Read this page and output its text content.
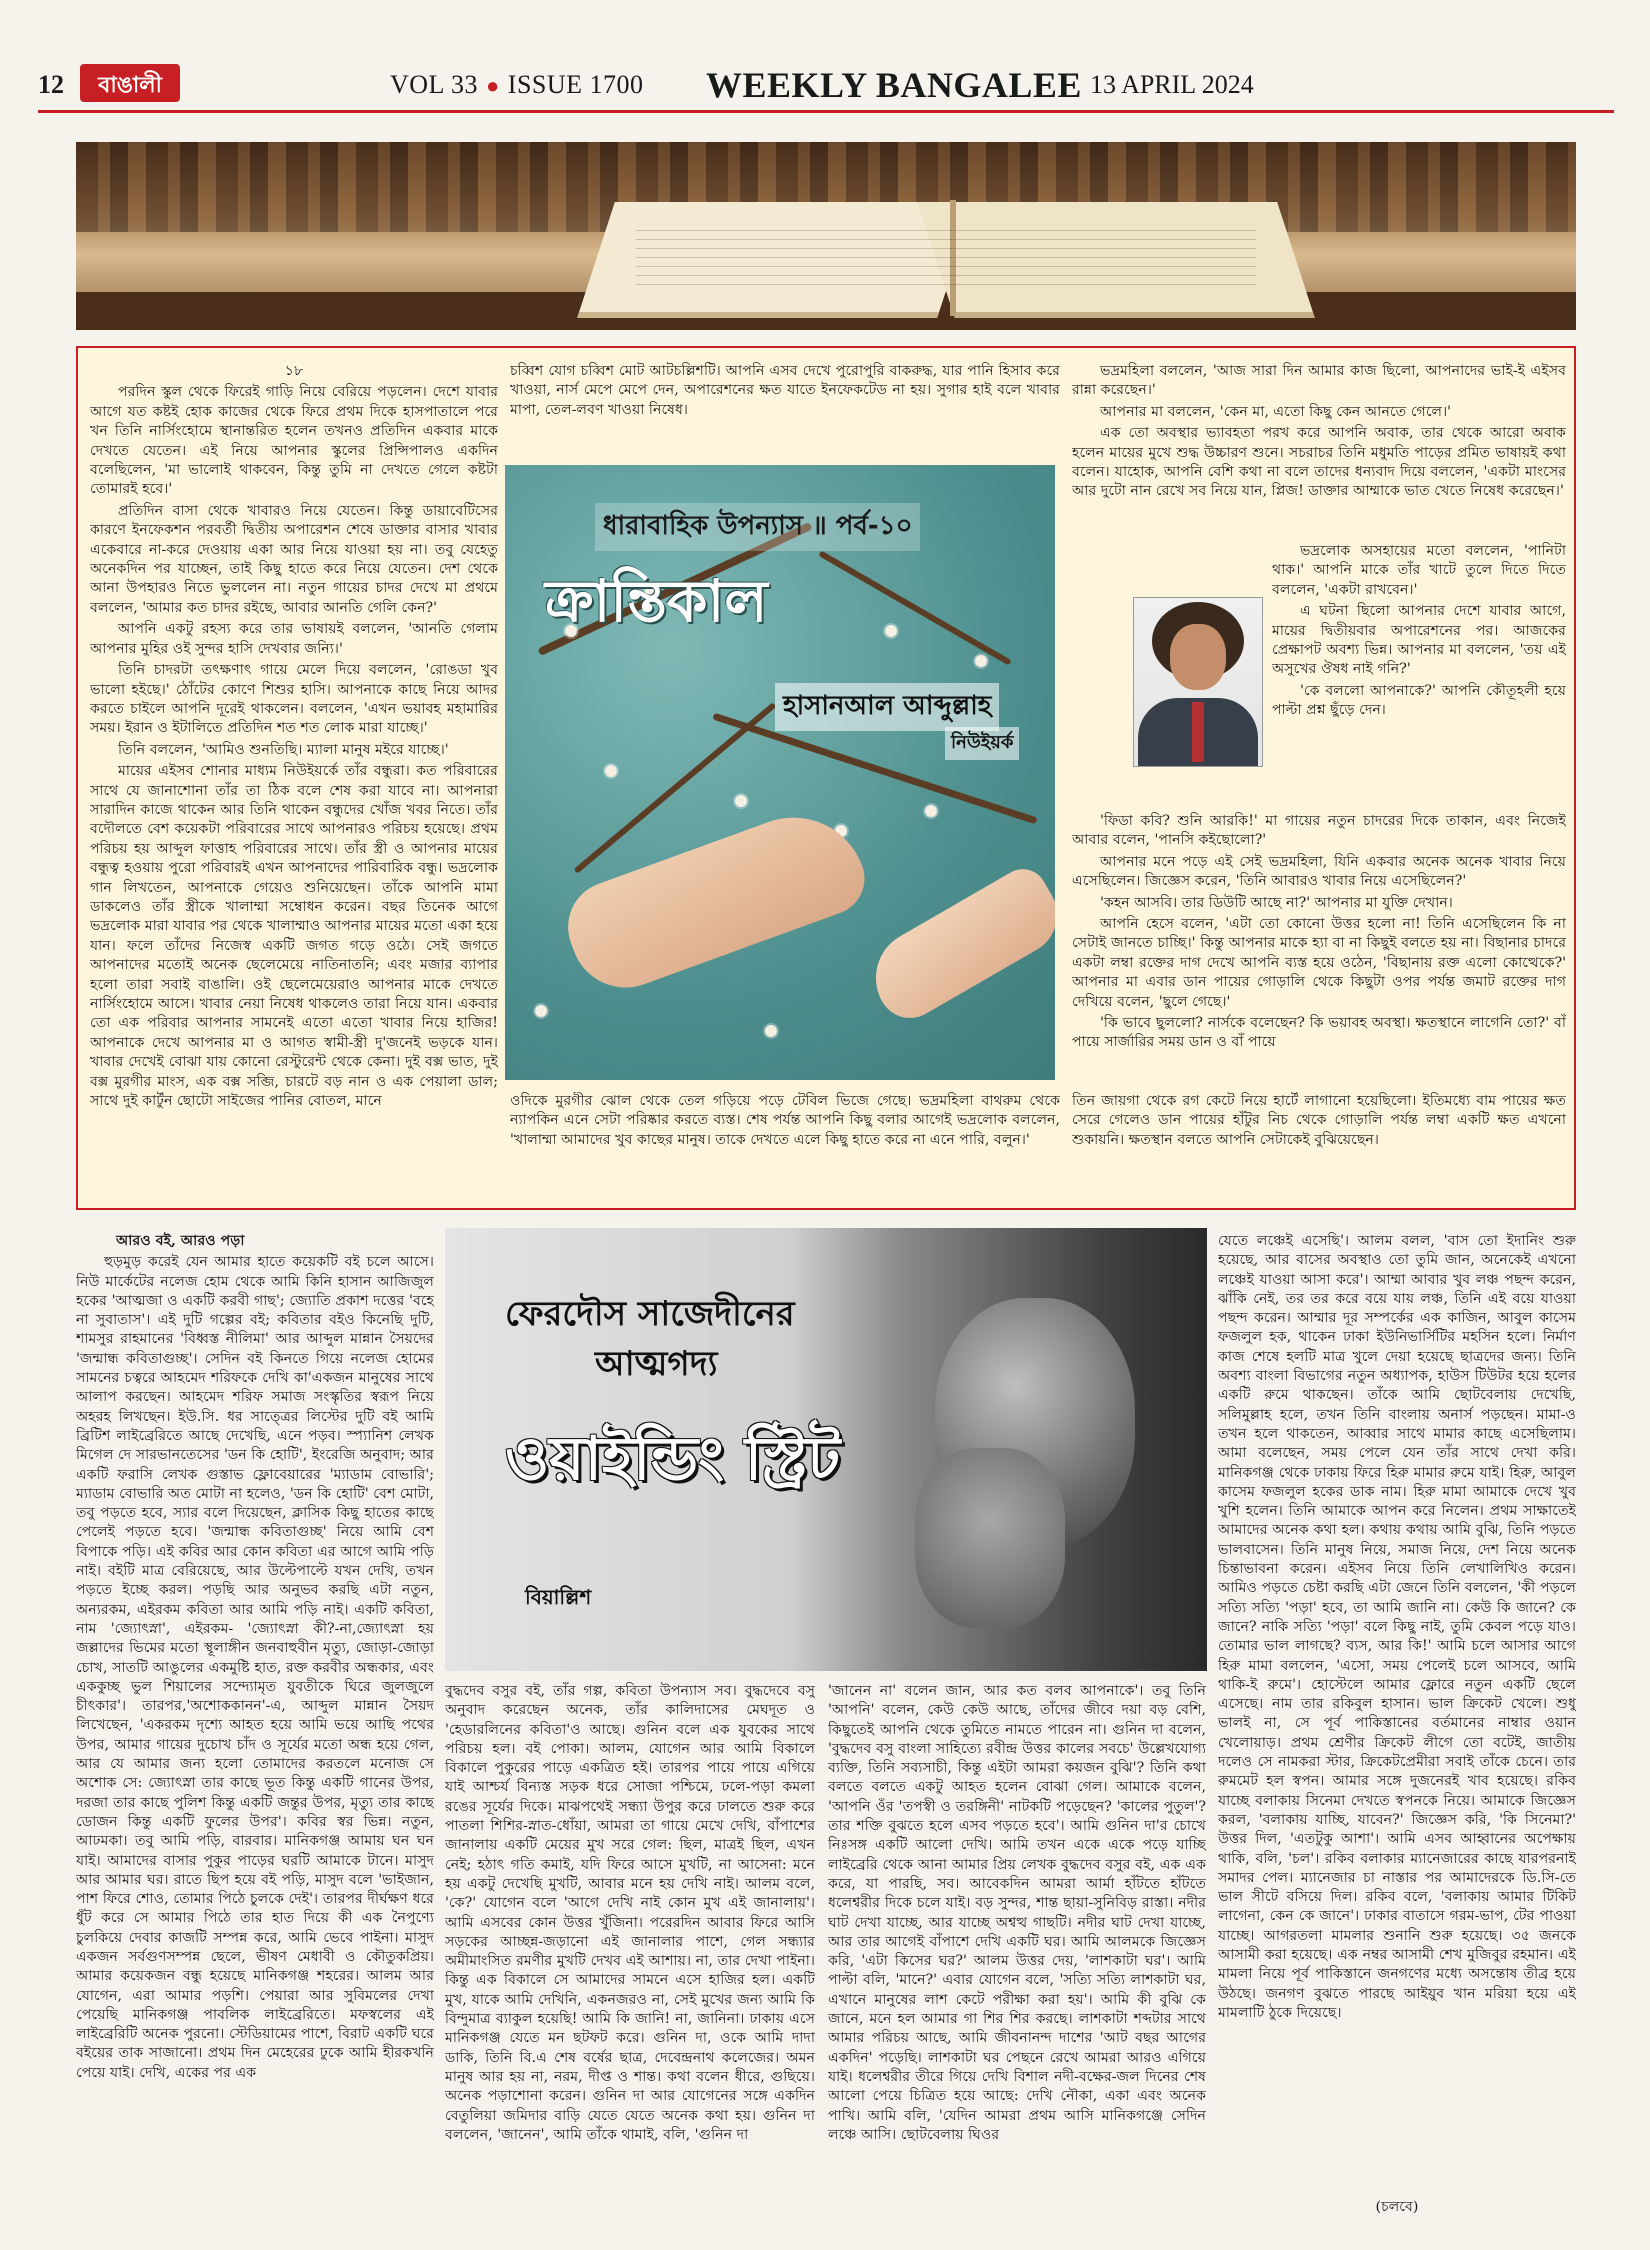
12 বাঙালী	VOL 33 ● ISSUE 1700 WEEKLY BANGALEE 13 APRIL 2024

১৮

পরদিন স্কুল থেকে ফিরেই গাড়ি নিয়ে বেরিয়ে পড়লেন। দেশে যাবার আগে যত কষ্টই হোক কাজের থেকে ফিরে প্রথম দিকে হাসপাতালে পরে খন তিনি নার্সিংহোমে স্থানান্তরিত হলেন তখনও প্রতিদিন একবার মাকে দেখতে যেতেন। এই নিয়ে আপনার স্কুলের প্রিন্সিপালও একদিন বলেছিলেন, 'মা ভালোই থাকবেন, কিন্তু তুমি না দেখতে গেলে কষ্টটা তোমারই হবে।'

প্রতিদিন বাসা থেকে খাবারও নিয়ে যেতেন। কিন্তু ডায়াবেটিসের কারণে ইনফেকশন পরবর্তী দ্বিতীয় অপারেশন শেষে ডাক্তার বাসার খাবার একেবারে না-করে দেওয়ায় একা আর নিয়ে যাওয়া হয় না। তবু যেহেতু অনেকদিন পর যাচ্ছেন, তাই কিছু হাতে করে নিয়ে যেতেন। দেশ থেকে আনা উপহারও নিতে ভুললেন না। নতুন গায়ের চাদর দেখে মা প্রথমে বললেন, 'আমার কত চাদর রইছে, আবার আনতি গেলি কেন?'

আপনি একটু রহস্য করে তার ভাষায়ই বললেন, 'আনতি গেলাম আপনার মুহির ওই সুন্দর হাসি দেখবার জন্যি।'

তিনি চাদরটা তৎক্ষণাৎ গায়ে মেলে দিয়ে বললেন, 'রোঙডা খুব ভালো হইছে।' ঠোঁটের কোণে শিশুর হাসি। আপনাকে কাছে নিয়ে আদর করতে চাইলে আপনি দূরেই থাকলেন। বললেন, 'এখন ভয়াবহ মহামারির সময়। ইরান ও ইটালিতে প্রতিদিন শত শত লোক মারা যাচ্ছে।'

তিনি বললেন, 'আমিও শুনতিছি। ম্যালা মানুষ মইরে যাচ্ছে।'

মায়ের এইসব শোনার মাধ্যম নিউইয়র্কে তাঁর বন্ধুরা। কত পরিবারের সাথে যে জানাশোনা তাঁর তা ঠিক বলে শেষ করা যাবে না। আপনারা সারাদিন কাজে থাকেন আর তিনি থাকেন বন্ধুদের খোঁজ খবর নিতে। তাঁর বদৌলতে বেশ কয়েকটা পরিবারের সাথে আপনারও পরিচয় হয়েছে। প্রথম পরিচয় হয় আব্দুল ফাত্তাহ পরিবারের সাথে। তাঁর স্ত্রী ও আপনার মায়ের বন্ধুত্ব হওয়ায় পুরো পরিবারই এখন আপনাদের পারিবারিক বন্ধু। ভদ্রলোক গান লিখতেন, আপনাকে গেয়েও শুনিয়েছেন। তাঁকে আপনি মামা ডাকলেও তাঁর স্ত্রীকে খালাম্মা সম্বোধন করেন। বছর তিনেক আগে ভদ্রলোক মারা যাবার পর থেকে খালাম্মাও আপনার মায়ের মতো একা হয়ে যান। ফলে তাঁদের নিজেস্ব একটি জগত গড়ে ওঠে। সেই জগতে আপনাদের মতোই অনেক ছেলেমেয়ে নাতিনাতনি; এবং মজার ব্যাপার হলো তারা সবাই বাঙালি। ওই ছেলেমেয়েরাও আপনার মাকে দেখতে নার্সিংহোমে আসে। খাবার নেয়া নিষেধ থাকলেও তারা নিয়ে যান। একবার তো এক পরিবার আপনার সামনেই এতো এতো খাবার নিয়ে হাজির! আপনাকে দেখে আপনার মা ও আগত স্বামী-স্ত্রী দু'জনেই ভড়কে যান। খাবার দেখেই বোঝা যায় কোনো রেস্টুরেন্ট থেকে কেনা। দুই বক্স ভাত, দুই বক্স মুরগীর মাংস, এক বক্স সব্জি, চারটে বড় নান ও এক পেয়ালা ডাল; সাথে দুই কার্টুন ছোটো সাইজের পানির বোতল, মানে

চব্বিশ যোগ চব্বিশ মোট আটচল্লিশটি। আপনি এসব দেখে পুরোপুরি বাকরুদ্ধ, যার পানি হিসাব করে খাওয়া, নার্স মেপে মেপে দেন, অপারেশনের ক্ষত যাতে ইনফেকটেড না হয়। সুগার হাই বলে খাবার মাপা, তেল-লবণ খাওয়া নিষেধ।

ওদিকে মুরগীর ঝোল থেকে তেল গড়িয়ে পড়ে টেবিল ভিজে গেছে। ভদ্রমহিলা বাথরুম থেকে ন্যাপকিন এনে সেটা পরিষ্কার করতে ব্যস্ত। শেষ পর্যন্ত আপনি কিছু বলার আগেই ভদ্রলোক বললেন, 'খালাম্মা আমাদের খুব কাছের মানুষ। তাকে দেখতে এলে কিছু হাতে করে না এনে পারি, বলুন।'

ভদ্রমহিলা বললেন, 'আজ সারা দিন আমার কাজ ছিলো, আপনাদের ভাই-ই এইসব রান্না করেছেন।'

আপনার মা বললেন, 'কেন মা, এতো কিছু কেন আনতে গেলে।'

এক তো অবস্থার ভ্যাবহতা পরখ করে আপনি অবাক, তার থেকে আরো অবাক হলেন মায়ের মুখে শুদ্ধ উচ্চারণ শুনে। সচরাচর তিনি মধুমতি পাড়ের প্রমিত ভাষায়ই কথা বলেন। যাহোক, আপনি বেশি কথা না বলে তাদের ধন্যবাদ দিয়ে বললেন, 'একটা মাংসের আর দুটো নান রেখে সব নিয়ে যান, প্লিজ! ডাক্তার আম্মাকে ভাত খেতে নিষেধ করেছেন।'

ভদ্রলোক অসহায়ের মতো বললেন, 'পানিটা থাক।' আপনি মাকে তাঁর খাটে তুলে দিতে দিতে বললেন, 'একটা রাখবেন।'

এ ঘটনা ছিলো আপনার দেশে যাবার আগে, মায়ের দ্বিতীয়বার অপারেশনের পর। আজকের প্রেক্ষাপট অবশ্য ভিন্ন। আপনার মা বললেন, 'তয় এই অসুখের ঔষধ নাই গনি?'

'কে বললো আপনাকে?' আপনি কৌতূহলী হয়ে পাল্টা প্রশ্ন ছুঁড়ে দেন।

'ফিডা কবি? শুনি আরকি!' মা গায়ের নতুন চাদরের দিকে তাকান, এবং নিজেই আবার বলেন, 'পানসি কইছোলো?'

আপনার মনে পড়ে এই সেই ভদ্রমহিলা, যিনি একবার অনেক অনেক খাবার নিয়ে এসেছিলেন। জিজ্ঞেস করেন, 'তিনি আবারও খাবার নিয়ে এসেছিলেন?'

'কহন আসবি। তার ডিউটি আছে না?' আপনার মা যুক্তি দেখান।

আপনি হেসে বলেন, 'এটা তো কোনো উত্তর হলো না! তিনি এসেছিলেন কি না সেটাই জানতে চাচ্ছি।' কিন্তু আপনার মাকে হ্যা বা না কিছুই বলতে হয় না। বিছানার চাদরে একটা লম্বা রক্তের দাগ দেখে আপনি ব্যস্ত হয়ে ওঠেন, 'বিছানায় রক্ত এলো কোত্থেকে?' আপনার মা এবার ডান পায়ের গোড়ালি থেকে কিছুটা ওপর পর্যন্ত জমাট রক্তের দাগ দেখিয়ে বলেন, 'ছুলে গেছে।'

'কি ভাবে ছুললো? নার্সকে বলেছেন? কি ভয়াবহ অবস্থা। ক্ষতস্থানে লাগেনি তো?' বাঁ পায়ে সার্জারির সময় ডান ও বাঁ পায়ে

তিন জায়গা থেকে রগ কেটে নিয়ে হার্টে লাগানো হয়েছিলো। ইতিমধ্যে বাম পায়ের ক্ষত সেরে গেলেও ডান পায়ের হাঁটুর নিচ থেকে গোড়ালি পর্যন্ত লম্বা একটি ক্ষত এখনো শুকায়নি। ক্ষতস্থান বলতে আপনি সেটাকেই বুঝিয়েছেন।

ধারাবাহিক উপন্যাস ॥ পর্ব-১০
ক্রান্তিকাল
হাসানআল আব্দুল্লাহ
নিউইয়র্ক

আরও বই, আরও পড়া

হুড়মুড় করেই যেন আমার হাতে কয়েকটি বই চলে আসে। নিউ মার্কেটের নলেজ হোম থেকে আমি কিনি হাসান আজিজুল হকের 'আত্মজা ও একটি করবী গাছ'; জ্যোতি প্রকাশ দত্তের 'বহে না সুবাতাস'। এই দুটি গল্পের বই; কবিতার বইও কিনেছি দুটি, শামসুর রাহমানের 'বিধ্বস্ত নীলিমা' আর আব্দুল মান্নান সৈয়দের 'জন্মান্ধ কবিতাগুচ্ছ'। সেদিন বই কিনতে গিয়ে নলেজ হোমের সামনের চত্বরে আহমেদ শরিফকে দেখি কা'একজন মানুষের সাথে আলাপ করছেন। আহমেদ শরিফ সমাজ সংস্কৃতির স্বরূপ নিয়ে অহরহ লিখছেন। ইউ.সি. ধর সাত্ত্রের লিস্টের দুটি বই আমি ব্রিটিশ লাইব্রেরিতে আছে দেখেছি, এনে পড়ব। স্প্যানিশ লেখক মিগেল দে সারভানতেসের 'ডন কি হোটি', ইংরেজি অনুবাদ; আর একটি ফরাসি লেখক গুস্তাভ ফ্লোবেয়ারের 'ম্যাডাম বোভারি'; ম্যাডাম বোভারি অত মোটা না হলেও, 'ডন কি হোটি' বেশ মোটা, তবু পড়তে হবে, স্যার বলে দিয়েছেন, ক্লাসিক কিছু হাতের কাছে পেলেই পড়তে হবে। 'জন্মান্ধ কবিতাগুচ্ছ' নিয়ে আমি বেশ বিপাকে পড়ি। এই কবির আর কোন কবিতা এর আগে আমি পড়ি নাই। বইটি মাত্র বেরিয়েছে, আর উল্টেপাল্টে যখন দেখি, তখন পড়তে ইচ্ছে করল। পড়ছি আর অনুভব করছি এটা নতুন, অন্যরকম, এইরকম কবিতা আর আমি পড়ি নাই। একটি কবিতা, নাম 'জ্যোৎস্না', এইরকম- 'জ্যোৎস্না কী?-না,জ্যোৎস্না হয় জল্লাদের ভিমের মতো স্থূলাঙ্গীন জনবাহুবীন মৃত্যু, জোড়া-জোড়া চোখ, সাতটি আঙুলের একমুষ্টি হাত, রক্ত করবীর অন্ধকার, এবং এককুচ্ছ ভুল শিয়ালের সন্দ্যোমৃত যুবতীকে ঘিরে জুলজুলে চীৎকার'। তারপর,'অশোককানন'-এ, আব্দুল মান্নান সৈয়দ লিখেছেন, 'একরকম দৃশ্যে আহত হয়ে আমি ভয়ে আছি পথের উপর, আমার গায়ের দুচোখ চাঁদ ও সূর্যের মতো অন্ধ হয়ে গেল, আর যে আমার জন্য হলো তোমাদের করতলে মনোজ সে অশোক সে: জ্যোৎস্না তার কাছে ভূত কিন্তু একটি গানের উপর, দরজা তার কাছে পুলিশ কিন্তু একটি জন্তুর উপর, মৃত্যু তার কাছে ডোজন কিন্তু একটি ফুলের উপর'। কবির স্বর ভিন্ন। নতুন, আঢমকা। তবু আমি পড়ি, বারবার। মানিকগঞ্জ আমায় ঘন ঘন যাই। আমাদের বাসার পুকুর পাড়ের ঘরটি আমাকে টানে। মাসুদ আর আমার ঘর। রাতে ছিপ হয়ে বই পড়ি, মাসুদ বলে 'ভাইজান, পাশ ফিরে শোও, তোমার পিঠে চুলকে দেই'। তারপর দীর্ঘক্ষণ ধরে ধুঁট করে সে আমার পিঠে তার হাত দিয়ে কী এক নৈপুণ্যে চুলকিয়ে দেবার কাজটি সম্পন্ন করে, আমি ভেবে পাইনা। মাসুদ একজন সর্বগুণসম্পন্ন ছেলে, ভীষণ মেধাবী ও কৌতুকপ্রিয়। আমার কয়েকজন বন্ধু হয়েছে মানিকগঞ্জ শহরের। আলম আর যোগেন, এরা আমার পড়শি। পেয়ারা আর সুবিমলের দেখা পেয়েছি মানিকগঞ্জ পাবলিক লাইব্রেরিতে। মফস্বলের এই লাইব্রেরিটি অনেক পুরনো। স্টেডিয়ামের পাশে, বিরাট একটি ঘরে বইয়ের তাক সাজানো। প্রথম দিন মেহেরের ঢুকে আমি হীরকখনি পেয়ে যাই। দেখি, একের পর এক

ফেরদৌস সাজেদীনের
আত্মগদ্য
ওয়াইন্ডিং স্ট্রিট
বিয়াল্লিশ

বুদ্ধদেব বসুর বই, তাঁর গল্প, কবিতা উপন্যাস সব। বুদ্ধদেবে বসু অনুবাদ করেছেন অনেক, তাঁর কালিদাসের মেঘদূত ও 'হেডারলিনের কবিতা'ও আছে। গুনিন বলে এক যুবকের সাথে পরিচয় হল। বই পোকা। আলম, যোগেন আর আমি বিকালে বিকালে পুকুরের পাড়ে একত্রিত হই। তারপর পায়ে পায়ে এগিয়ে যাই আশ্চর্য বিন্যস্ত সড়ক ধরে সোজা পশ্চিমে, ঢলে-পড়া কমলা রঙের সূর্যের দিকে। মাঝপথেই সন্ধ্যা উপুর করে ঢালতে শুরু করে পাতলা শিশির-স্নাত-ধোঁয়া, আমরা তা গায়ে মেখে দেখি, বাঁপাশের জানালায় একটি মেয়ের মুখ সরে গেল: ছিল, মাত্রই ছিল, এখন নেই; হঠাৎ গতি কমাই, যদি ফিরে আসে মুখটি, না আসেনা: মনে হয় একটু দেখেছি মুখটি, আবার মনে হয় দেখি নাই। আলম বলে, 'কে?' যোগেন বলে 'আগে দেখি নাই কোন মুখ এই জানালায়'। আমি এসবের কোন উত্তর খুঁজিনা। পরেরদিন আবার ফিরে আসি সড়কের আচ্ছন্ন-জড়ানো এই জানালার পাশে, গেল সন্ধ্যার অমীমাংসিত রমণীর মুখটি দেখব এই আশায়। না, তার দেখা পাইনা। কিন্তু এক বিকালে সে আমাদের সামনে এসে হাজির হল। একটি মুখ, যাকে আমি দেখিনি, একনজরও না, সেই মুখের জন্য আমি কি বিন্দুমাত্র ব্যাকুল হয়েছি! আমি কি জানি! না, জানিনা। ঢাকায় এসে মানিকগঞ্জ যেতে মন ছটফট করে। গুনিন দা, ওকে আমি দাদা ডাকি, তিনি বি.এ শেষ বর্ষের ছাত্র, দেবেন্দ্রনাথ কলেজের। অমন মানুষ আর হয় না, নরম, দীপ্ত ও শান্ত। কথা বলেন ধীরে, গুছিয়ে। অনেক পড়াশোনা করেন। গুনিন দা আর যোগেনের সঙ্গে একদিন বেতুলিয়া জমিদার বাড়ি যেতে যেতে অনেক কথা হয়। গুনিন দা বললেন, 'জানেন', আমি তাঁকে থামাই, বলি, 'গুনিন দা

'জানেন না' বলেন জান, আর কত বলব আপনাকে'। তবু তিনি 'আপনি' বলেন, কেউ কেউ আছে, তাঁদের জীবে দয়া বড় বেশি, কিছুতেই আপনি থেকে তুমিতে নামতে পারেন না। গুনিন দা বলেন, 'বুদ্ধদেব বসু বাংলা সাহিত্যে রবীন্দ্র উত্তর কালের সবচে' উল্লেখযোগ্য ব্যক্তি, তিনি সব্যসাচী, কিন্তু এইটা আমরা কয়জন বুঝি'? তিনি কথা বলতে বলতে একটু আহত হলেন বোঝা গেল। আমাকে বলেন, 'আপনি ওঁর 'তপস্বী ও তরঙ্গিনী' নাটকটি পড়েছেন? 'কালের পুতুল'? তার শক্তি বুঝতে হলে এসব পড়তে হবে'। আমি গুনিন দা'র চোখে নিঃসঙ্গ একটি আলো দেখি। আমি তখন একে একে পড়ে যাচ্ছি লাইব্রেরি থেকে আনা আমার প্রিয় লেখক বুদ্ধদেব বসুর বই, এক এক করে, যা পারছি, সব। আবেকদিন আমরা আর্মা হাঁটতে হাঁটতে ধলেশ্বরীর দিকে চলে যাই। বড় সুন্দর, শান্ত ছায়া-সুনিবিড় রাস্তা। নদীর ঘাট দেখা যাচ্ছে, আর যাচ্ছে অশ্বত্থ গাছটি। নদীর ঘাট দেখা যাচ্ছে, আর তার আগেই বাঁপাশে দেখি একটি ঘর। আমি আলমকে জিজ্ঞেস করি, 'এটা কিসের ঘর?' আলম উত্তর দেয়, 'লাশকাটা ঘর'। আমি পাল্টা বলি, 'মানে?' এবার যোগেন বলে, 'সত্যি সত্যি লাশকাটা ঘর, এখানে মানুষের লাশ কেটে পরীক্ষা করা হয়'। আমি কী বুঝি কে জানে, মনে হল আমার গা শির শির করছে। লাশকাটা শব্দটার সাথে আমার পরিচয় আছে, আমি জীবনানন্দ দাশের 'আট বছর আগের একদিন' পড়েছি। লাশকাটা ঘর পেছনে রেখে আমরা আরও এগিয়ে যাই। ধলেশ্বরীর তীরে গিয়ে দেখি বিশাল নদী-বক্ষের-জল দিনের শেষ আলো পেয়ে চিত্রিত হয়ে আছে: দেখি নৌকা, একা এবং অনেক পাখি। আমি বলি, 'যেদিন আমরা প্রথম আসি মানিকগঞ্জে সেদিন লঞ্চে আসি। ছোটবেলায় ঘিওর

যেতে লঞ্চেই এসেছি'। আলম বলল, 'বাস তো ইদানিং শুরু হয়েছে, আর বাসের অবস্থাও তো তুমি জান, অনেকেই এখনো লঞ্চেই যাওয়া আসা করে'। আম্মা আবার খুব লঞ্চ পছন্দ করেন, ঝাঁকি নেই, তর তর করে বয়ে যায় লঞ্চ, তিনি এই বয়ে যাওয়া পছন্দ করেন। আম্মার দূর সম্পর্কের এক কাজিন, আবুল কাসেম ফজলুল হক, থাকেন ঢাকা ইউনিভার্সিটির মহসিন হলে। নির্মাণ কাজ শেষে হলটি মাত্র খুলে দেয়া হয়েছে ছাত্রদের জন্য। তিনি অবশ্য বাংলা বিভাগের নতুন অধ্যাপক, হাউস টিউটর হয়ে হলের একটি রুমে থাকছেন। তাঁকে আমি ছোটবেলায় দেখেছি, সলিমুল্লাহ হলে, তখন তিনি বাংলায় অনার্স পড়ছেন। মামা-ও তখন হলে থাকতেন, আব্বার সাথে মামার কাছে এসেছিলাম। আমা বলেছেন, সময় পেলে যেন তাঁর সাথে দেখা করি। মানিকগঞ্জ থেকে ঢাকায় ফিরে হিরু মামার রুমে যাই। হিরু, আবুল কাসেম ফজলুল হকের ডাক নাম। হিরু মামা আমাকে দেখে খুব খুশি হলেন। তিনি আমাকে আপন করে নিলেন। প্রথম সাক্ষাতেই আমাদের অনেক কথা হল। কথায় কথায় আমি বুঝি, তিনি পড়তে ভালবাসেন। তিনি মানুষ নিয়ে, সমাজ নিয়ে, দেশ নিয়ে অনেক চিন্তাভাবনা করেন। এইসব নিয়ে তিনি লেখালিখিও করেন। আমিও পড়তে চেষ্টা করছি এটা জেনে তিনি বললেন, 'কী পড়লে সত্যি সত্যি 'পড়া' হবে, তা আমি জানি না। কেউ কি জানে? কে জানে? নাকি সত্যি 'পড়া' বলে কিছু নাই, তুমি কেবল পড়ে যাও। তোমার ভাল লাগছে? ব্যস, আর কি!' আমি চলে আসার আগে হিরু মামা বললেন, 'এসো, সময় পেলেই চলে আসবে, আমি থাকি-ই রুমে'। হোস্টেলে আমার ফ্লোরে নতুন একটি ছেলে এসেছে। নাম তার রকিবুল হাসান। ভাল ক্রিকেট খেলে। শুধু ভালই না, সে পূর্ব পাকিস্তানের বর্তমানের নাম্বার ওয়ান খেলোয়াড়। প্রথম শ্রেণীর ক্রিকেট লীগে তো বটেই, জাতীয় দলেও সে নামকরা স্টার, ক্রিকেটপ্রেমীরা সবাই তাঁকে চেনে। তার রুমমেট হল স্বপন। আমার সঙ্গে দুজনেরই খাব হয়েছে। রকিব যাচ্ছে বলাকায় সিনেমা দেখতে স্বপনকে নিয়ে। আমাকে জিজ্ঞেস করল, 'বলাকায় যাচ্ছি, যাবেন?' জিজ্ঞেস করি, 'কি সিনেমা?' উত্তর দিল, 'এতটুকু আশা'। আমি এসব আহ্বানের অপেক্ষায় থাকি, বলি, 'চল'। রকিব বলাকার ম্যানেজারের কাছে যারপরনাই সমাদর পেল। ম্যানেজার চা নাস্তার পর আমাদেরকে ডি.সি-তে ভাল সীটে বসিয়ে দিল। রকিব বলে, 'বলাকায় আমার টিকিট লাগেনা, কেন কে জানে'। ঢাকার বাতাসে গরম-ভাপ, টের পাওয়া যাচ্ছে। আগরতলা মামলার শুনানি শুরু হয়েছে। ৩৫ জনকে আসামী করা হয়েছে। এক নম্বর আসামী শেখ মুজিবুর রহমান। এই মামলা নিয়ে পূর্ব পাকিস্তানে জনগণের মধ্যে অসন্তোষ তীব্র হয়ে উঠছে। জনগণ বুঝতে পারছে আইয়ুব খান মরিয়া হয়ে এই মামলাটি ঠুকে দিয়েছে।

(চলবে)
